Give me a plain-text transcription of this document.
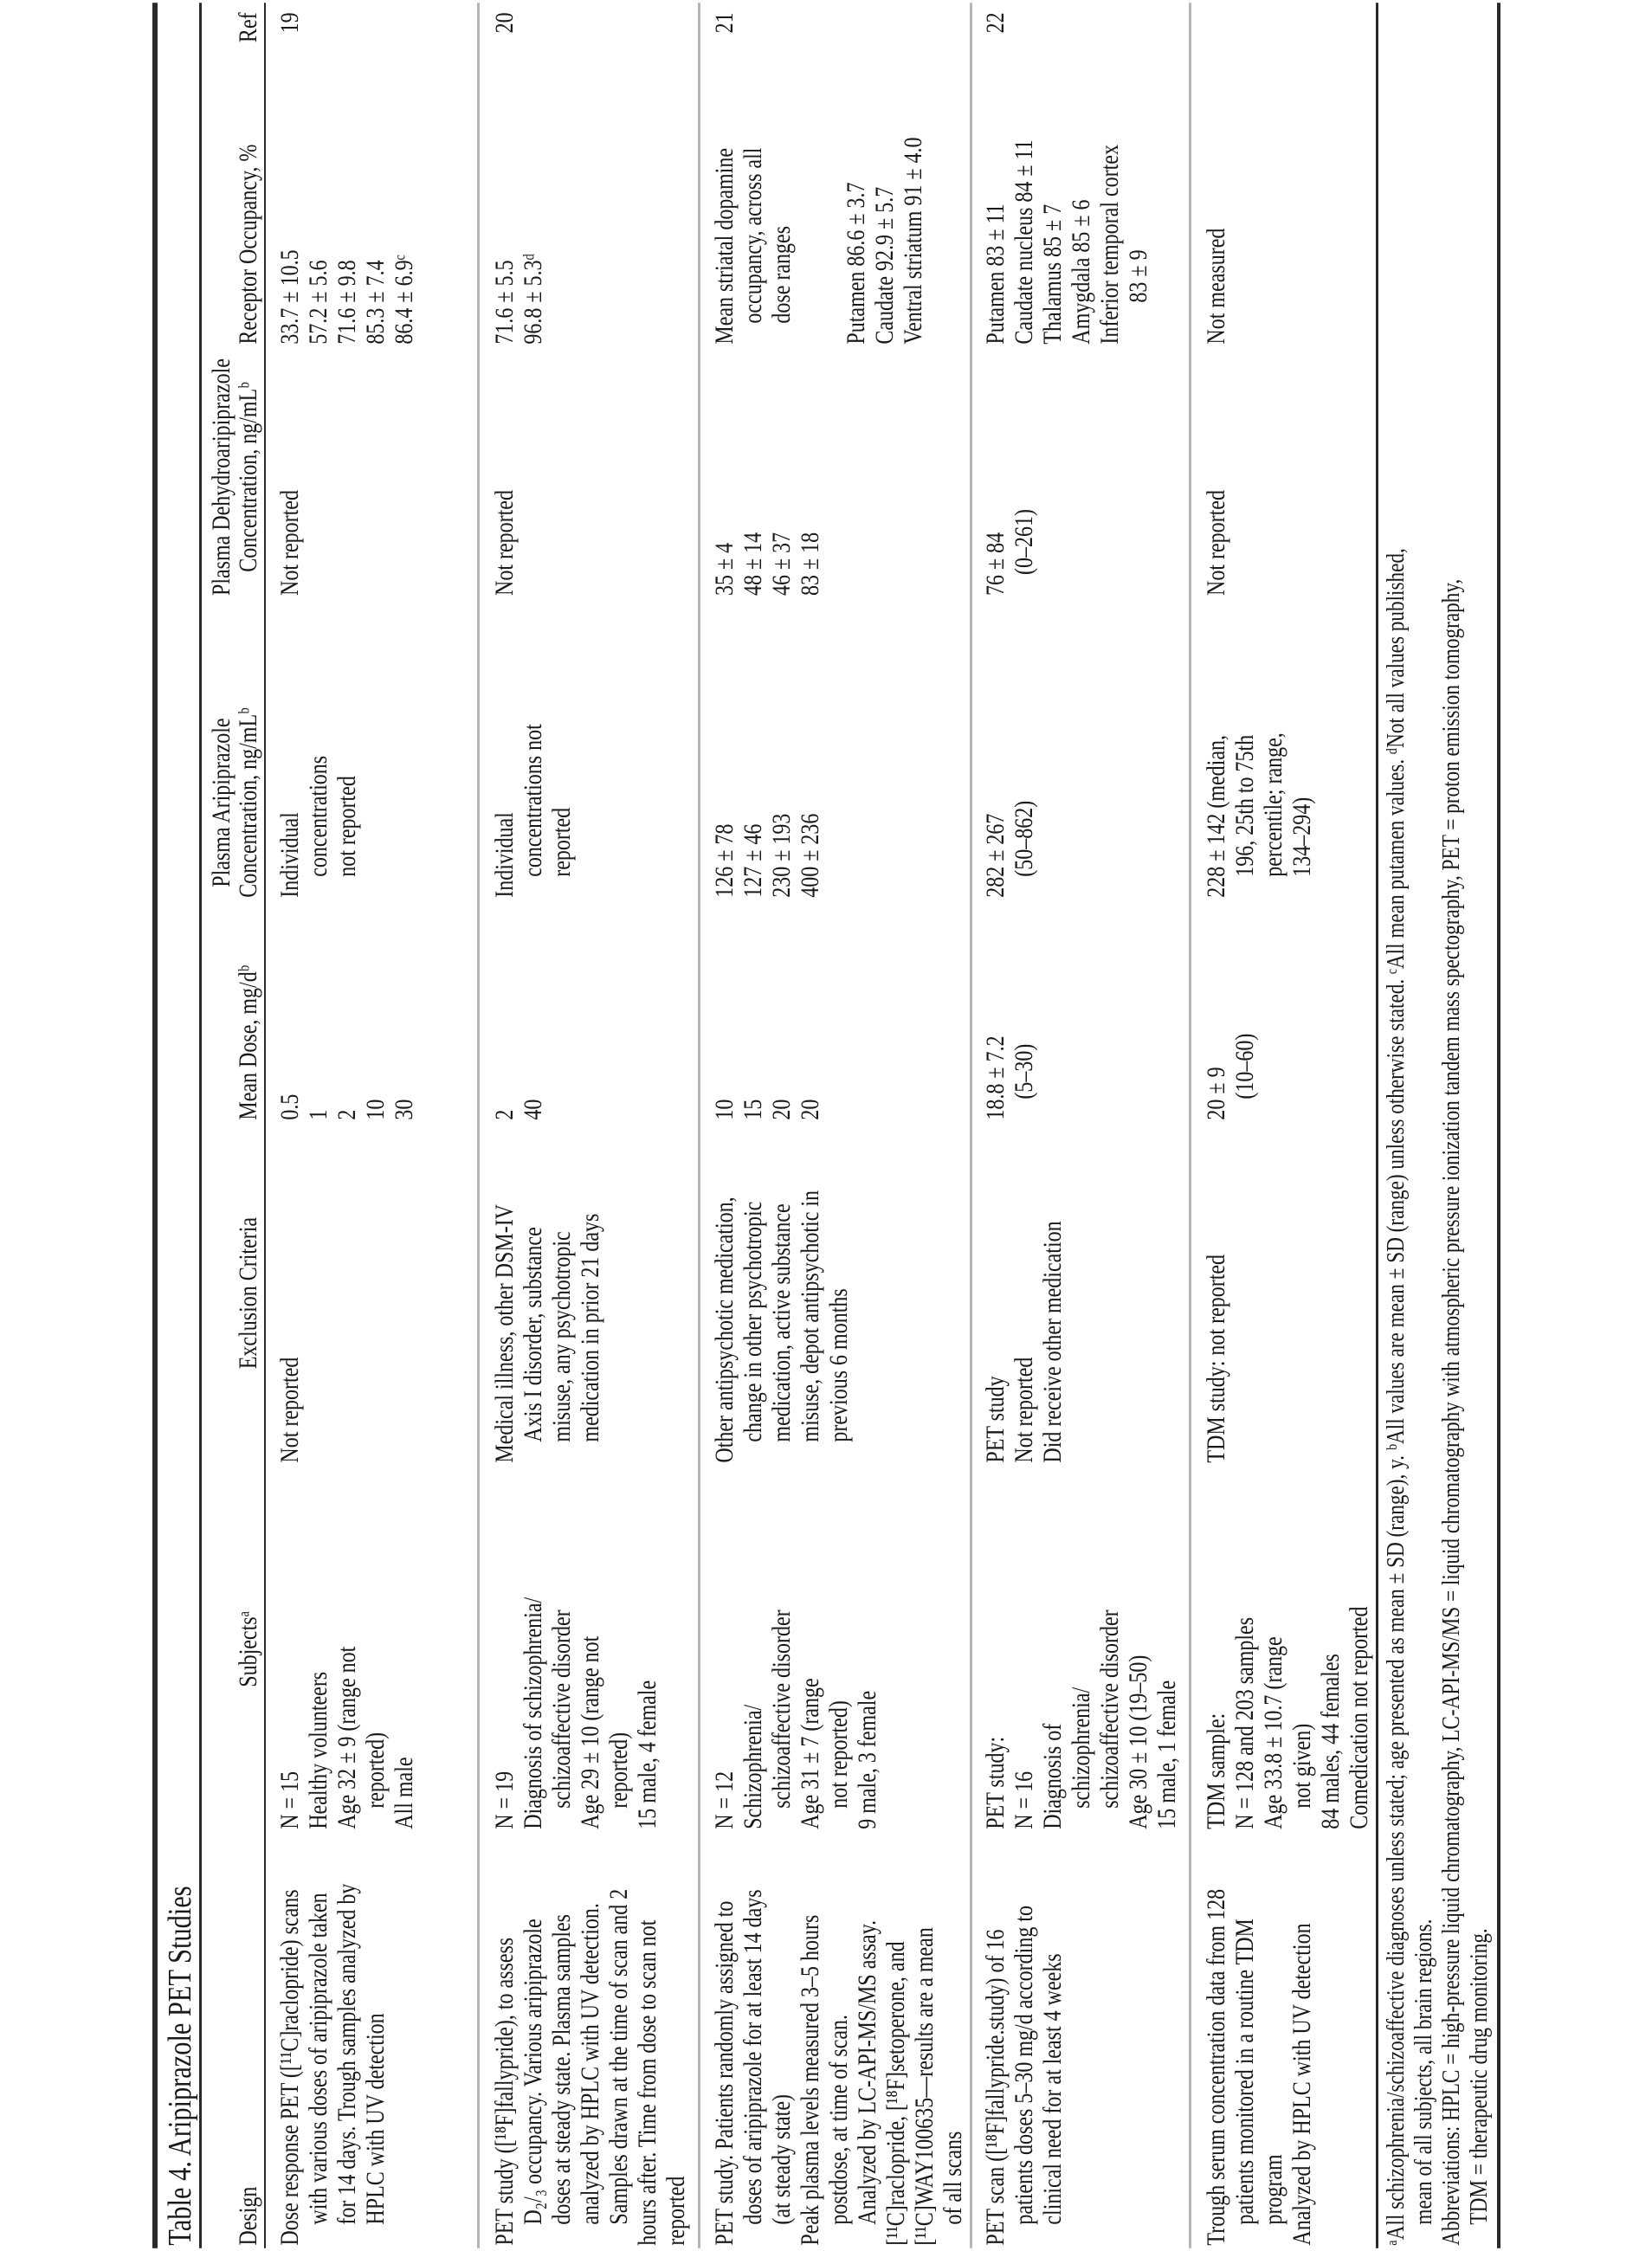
Table 4. Aripiprazole PET Studies Design
Subjectsᵃ
Exclusion Criteria
Mean Dose, mg/dᵇ
Plasma Aripiprazole
Concentration, ng/mLᵇ
Plasma Dehydroaripiprazole
Concentration, ng/mLᵇ
Receptor Occupancy, %
Ref
Dose response PET ([¹¹C]raclopride) scans with various doses of aripiprazole taken for 14 days. Trough samples analyzed by HPLC with UV detection
N = 15 Healthy volunteers Age 32 ± 9 (range not reported) All male
Not reported
0.5 1 2 10 30
Individual concentrations not reported
Not reported
33.7 ± 10.5 57.2 ± 5.6 71.6 ± 9.8 85.3 ± 7.4 86.4 ± 6.9ᶜ
19
PET study ([¹⁸F]fallypride), to assess D₂/₃ occupancy. Various aripiprazole doses at steady state. Plasma samples analyzed by HPLC with UV detection. Samples drawn at the time of scan and 2 hours after. Time from dose to scan not reported
N = 19 Diagnosis of schizophrenia/ schizoaffective disorder Age 29 ± 10 (range not reported) 15 male, 4 female
Medical illness, other DSM-IV Axis I disorder, substance misuse, any psychotropic medication in prior 21 days
2 40
Individual concentrations not reported
Not reported
71.6 ± 5.5 96.8 ± 5.3ᵈ
20
PET study. Patients randomly assigned to doses of aripiprazole for at least 14 days (at steady state) Peak plasma levels measured 3–5 hours postdose, at time of scan. Analyzed by LC-API-MS/MS assay. [¹¹C]raclopride, [¹⁸F]setoperone, and [¹¹C]WAY100635—results are a mean of all scans
N = 12 Schizophrenia/ schizoaffective disorder Age 31 ± 7 (range not reported) 9 male, 3 female
Other antipsychotic medication, change in other psychotropic medication, active substance misuse, depot antipsychotic in previous 6 months
10 15 20 20
126 ± 78 127 ± 46 230 ± 193 400 ± 236
35 ± 4 48 ± 14 46 ± 37 83 ± 18
Mean striatal dopamine occupancy, across all dose ranges Putamen 86.6 ± 3.7 Caudate 92.9 ± 5.7 Ventral striatum 91 ± 4.0
21
PET scan ([¹⁸F]fallypride.study) of 16 patients doses 5–30 mg/d according to clinical need for at least 4 weeks
PET study: N = 16 Diagnosis of schizophrenia/ schizoaffective disorder Age 30 ± 10 (19–50) 15 male, 1 female
PET study Not reported Did receive other medication
18.8 ± 7.2 (5–30)
282 ± 267 (50–862)
76 ± 84 (0–261)
Putamen 83 ± 11 Caudate nucleus 84 ± 11 Thalamus 85 ± 7 Amygdala 85 ± 6 Inferior temporal cortex 83 ± 9
22
Trough serum concentration data from 128 patients monitored in a routine TDM program Analyzed by HPLC with UV detection
TDM sample: N = 128 and 203 samples Age 33.8 ± 10.7 (range not given) 84 males, 44 females Comedication not reported
TDM study: not reported
20 ± 9 (10–60)
228 ± 142 (median, 196, 25th to 75th percentile; range, 134–294)
Not reported
Not measured
ᵃAll schizophrenia/schizoaffective diagnoses unless stated; age presented as mean ± SD (range), y. ᵇAll values are mean ± SD (range) unless otherwise stated. ᶜAll mean putamen values. ᵈNot all values published, mean of all subjects, all brain regions. Abbreviations: HPLC = high-pressure liquid chromatography, LC-API-MS/MS = liquid chromatography with atmospheric pressure ionization tandem mass spectography, PET = proton emission tomography, TDM = therapeutic drug monitoring.
